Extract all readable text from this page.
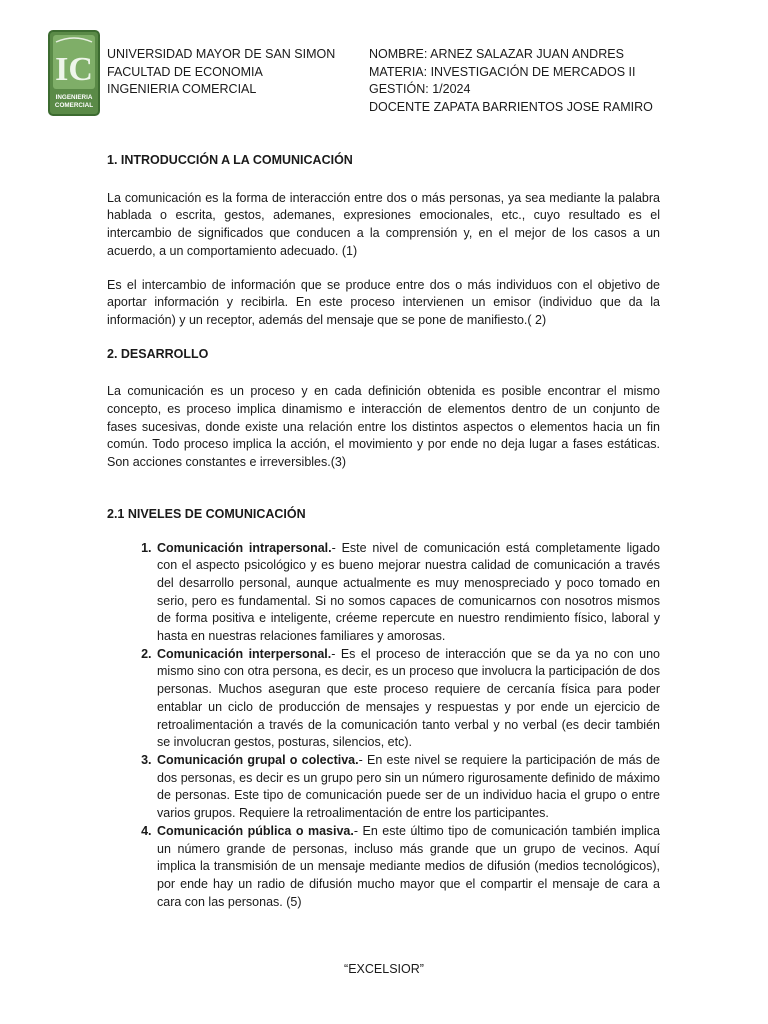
IC
INGENIERIA
COMERCIAL
UNIVERSIDAD MAYOR DE SAN SIMON
FACULTAD DE ECONOMIA
INGENIERIA COMERCIAL
NOMBRE: ARNEZ SALAZAR JUAN ANDRES
MATERIA: INVESTIGACIÓN DE MERCADOS II
GESTIÓN: 1/2024
DOCENTE ZAPATA BARRIENTOS JOSE RAMIRO

1. INTRODUCCIÓN A LA COMUNICACIÓN

La comunicación es la forma de interacción entre dos o más personas, ya sea mediante la palabra hablada o escrita, gestos, ademanes, expresiones emocionales, etc., cuyo resultado es el intercambio de significados que conducen a la comprensión y, en el mejor de los casos a un acuerdo, a un comportamiento adecuado. (1)

Es el intercambio de información que se produce entre dos o más individuos con el objetivo de aportar información y recibirla. En este proceso intervienen un emisor (individuo que da la información) y un receptor, además del mensaje que se pone de manifiesto.( 2)

2. DESARROLLO

La comunicación es un proceso y en cada definición obtenida es posible encontrar el mismo concepto, es proceso implica dinamismo e interacción de elementos dentro de un conjunto de fases sucesivas, donde existe una relación entre los distintos aspectos o elementos hacia un fin común. Todo proceso implica la acción, el movimiento y por ende no deja lugar a fases estáticas. Son acciones constantes e irreversibles.(3)

2.1 NIVELES DE COMUNICACIÓN

1. Comunicación intrapersonal.- Este nivel de comunicación está completamente ligado con el aspecto psicológico y es bueno mejorar nuestra calidad de comunicación a través del desarrollo personal, aunque actualmente es muy menospreciado y poco tomado en serio, pero es fundamental. Si no somos capaces de comunicarnos con nosotros mismos de forma positiva e inteligente, créeme repercute en nuestro rendimiento físico, laboral y hasta en nuestras relaciones familiares y amorosas.
2. Comunicación interpersonal.- Es el proceso de interacción que se da ya no con uno mismo sino con otra persona, es decir, es un proceso que involucra la participación de dos personas. Muchos aseguran que este proceso requiere de cercanía física para poder entablar un ciclo de producción de mensajes y respuestas y por ende un ejercicio de retroalimentación a través de la comunicación tanto verbal y no verbal (es decir también se involucran gestos, posturas, silencios, etc).
3. Comunicación grupal o colectiva.- En este nivel se requiere la participación de más de dos personas, es decir es un grupo pero sin un número rigurosamente definido de máximo de personas. Este tipo de comunicación puede ser de un individuo hacia el grupo o entre varios grupos. Requiere la retroalimentación de entre los participantes.
4. Comunicación pública o masiva.- En este último tipo de comunicación también implica un número grande de personas, incluso más grande que un grupo de vecinos. Aquí implica la transmisión de un mensaje mediante medios de difusión (medios tecnológicos), por ende hay un radio de difusión mucho mayor que el compartir el mensaje de cara a cara con las personas. (5)
“EXCELSIOR”
